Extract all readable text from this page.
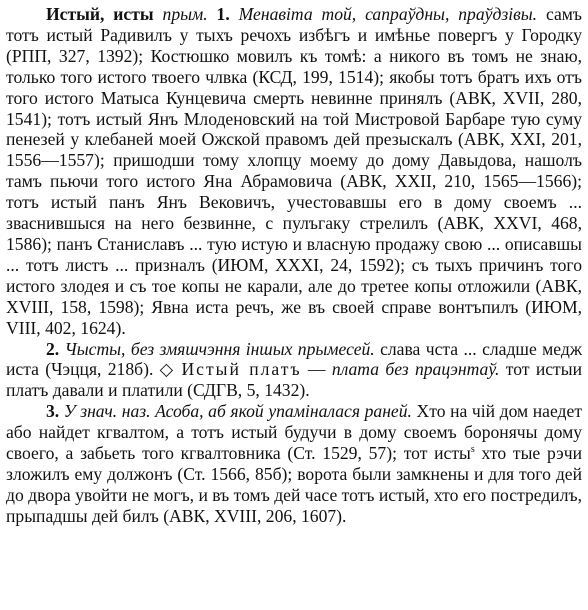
Истый, исты прым. 1. Менавіта той, сапраўдны, праўдзівы. самъ тотъ истый Радивилъ у тыхъ речохъ избѣгъ и имѣнье повергъ у Городку (РПП, 327, 1392); Костюшко мовилъ къ томѣ: а никого въ томъ не знаю, только того истого твоего члвка (КСД, 199, 1514); якобы тотъ братъ ихъ отъ того истого Матыса Кунцевича смерть невинне принялъ (АВК, XVII, 280, 1541); тотъ истый Янъ Млоденовский на той Мистровой Барбаре тую суму пенезей у клебаней моей Ожской правомъ дей презыскалъ (АВК, XXI, 201, 1556—1557); пришодши тому хлопцу моему до дому Давыдова, нашолъ тамъ пьючи того истого Яна Абрамовича (АВК, XXII, 210, 1565—1566); тотъ истый панъ Янъ Вековичъ, учестовавшы его в дому своемъ ... зваснившыся на него безвинне, с пулъгаку стрелилъ (АВК, XXVI, 468, 1586); панъ Станиславъ ... тую истую и власную продажу свою ... описавшы ... тотъ листъ ... призналъ (ИЮМ, XXXI, 24, 1592); съ тыхъ причинъ того истого злодея и съ тое копы не карали, але до третее копы отложили (АВК, XVIII, 158, 1598); Явна иста речъ, же въ своей справе вонтъпилъ (ИЮМ, VIII, 402, 1624).

2. Чысты, без змяшчэння іншых прымесей. слава чста ... сладше медж иста (Чэцця, 218б). ◇ Истый платъ — плата без працэнтаў. тот истыи платъ давали и платили (СДГВ, 5, 1432).

3. У знач. наз. Асоба, аб якой упаміналася раней. Хто на чій дом наедет або найдет кгвалтом, а тотъ истый будучи в дому своемъ боронячы дому своего, а забьеть того кгвалтовника (Ст. 1529, 57); тот исты$^s$ хто тые рэчи зложилъ ему должонъ (Ст. 1566, 85б); ворота были замкнены и для того дей до двора увойти не могъ, и въ томъ дей часе тотъ истый, хто его постредилъ, прыпадшы дей билъ (АВК, XVIII, 206, 1607).
